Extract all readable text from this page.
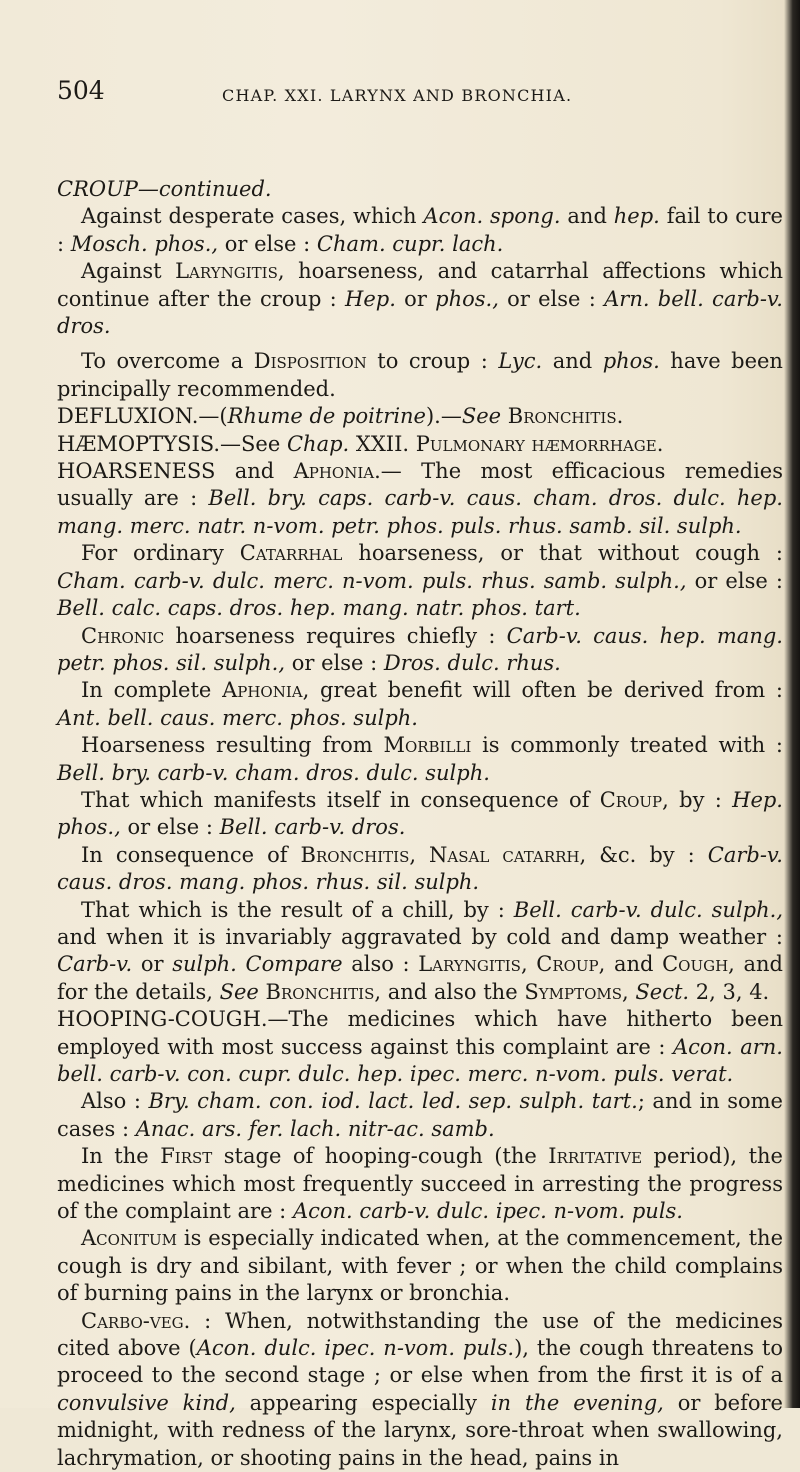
504	CHAP. XXI. LARYNX AND BRONCHIA.

CROUP—continued.

Against desperate cases, which Acon. spong. and hep. fail to cure : Mosch. phos., or else : Cham. cupr. lach.

Against Laryngitis, hoarseness, and catarrhal affections which continue after the croup : Hep. or phos., or else : Arn. bell. carb-v. dros.

To overcome a Disposition to croup : Lyc. and phos. have been principally recommended.

DEFLUXION.—(Rhume de poitrine).—See Bronchitis.

HÆMOPTYSIS.—See Chap. XXII. Pulmonary hæmorrhage.

HOARSENESS and Aphonia.— The most efficacious remedies usually are : Bell. bry. caps. carb-v. caus. cham. dros. dulc. hep. mang. merc. natr. n-vom. petr. phos. puls. rhus. samb. sil. sulph.

For ordinary Catarrhal hoarseness, or that without cough : Cham. carb-v. dulc. merc. n-vom. puls. rhus. samb. sulph., or else : Bell. calc. caps. dros. hep. mang. natr. phos. tart.

Chronic hoarseness requires chiefly : Carb-v. caus. hep. mang. petr. phos. sil. sulph., or else : Dros. dulc. rhus.

In complete Aphonia, great benefit will often be derived from : Ant. bell. caus. merc. phos. sulph.

Hoarseness resulting from Morbilli is commonly treated with : Bell. bry. carb-v. cham. dros. dulc. sulph.

That which manifests itself in consequence of Croup, by : Hep. phos., or else : Bell. carb-v. dros.

In consequence of Bronchitis, Nasal catarrh, &c. by : Carb-v. caus. dros. mang. phos. rhus. sil. sulph.

That which is the result of a chill, by : Bell. carb-v. dulc. sulph., and when it is invariably aggravated by cold and damp weather : Carb-v. or sulph. Compare also : Laryngitis, Croup, and Cough, and for the details, See Bronchitis, and also the Symptoms, Sect. 2, 3, 4.

HOOPING-COUGH.—The medicines which have hitherto been employed with most success against this complaint are : Acon. arn. bell. carb-v. con. cupr. dulc. hep. ipec. merc. n-vom. puls. verat.

Also : Bry. cham. con. iod. lact. led. sep. sulph. tart.; and in some cases : Anac. ars. fer. lach. nitr-ac. samb.

In the First stage of hooping-cough (the Irritative period), the medicines which most frequently succeed in arresting the progress of the complaint are : Acon. carb-v. dulc. ipec. n-vom. puls.

Aconitum is especially indicated when, at the commencement, the cough is dry and sibilant, with fever ; or when the child complains of burning pains in the larynx or bronchia.

Carbo-veg. : When, notwithstanding the use of the medicines cited above (Acon. dulc. ipec. n-vom. puls.), the cough threatens to proceed to the second stage ; or else when from the first it is of a convulsive kind, appearing especially in the evening, or before midnight, with redness of the larynx, sore-throat when swallowing, lachrymation, or shooting pains in the head, pains in
